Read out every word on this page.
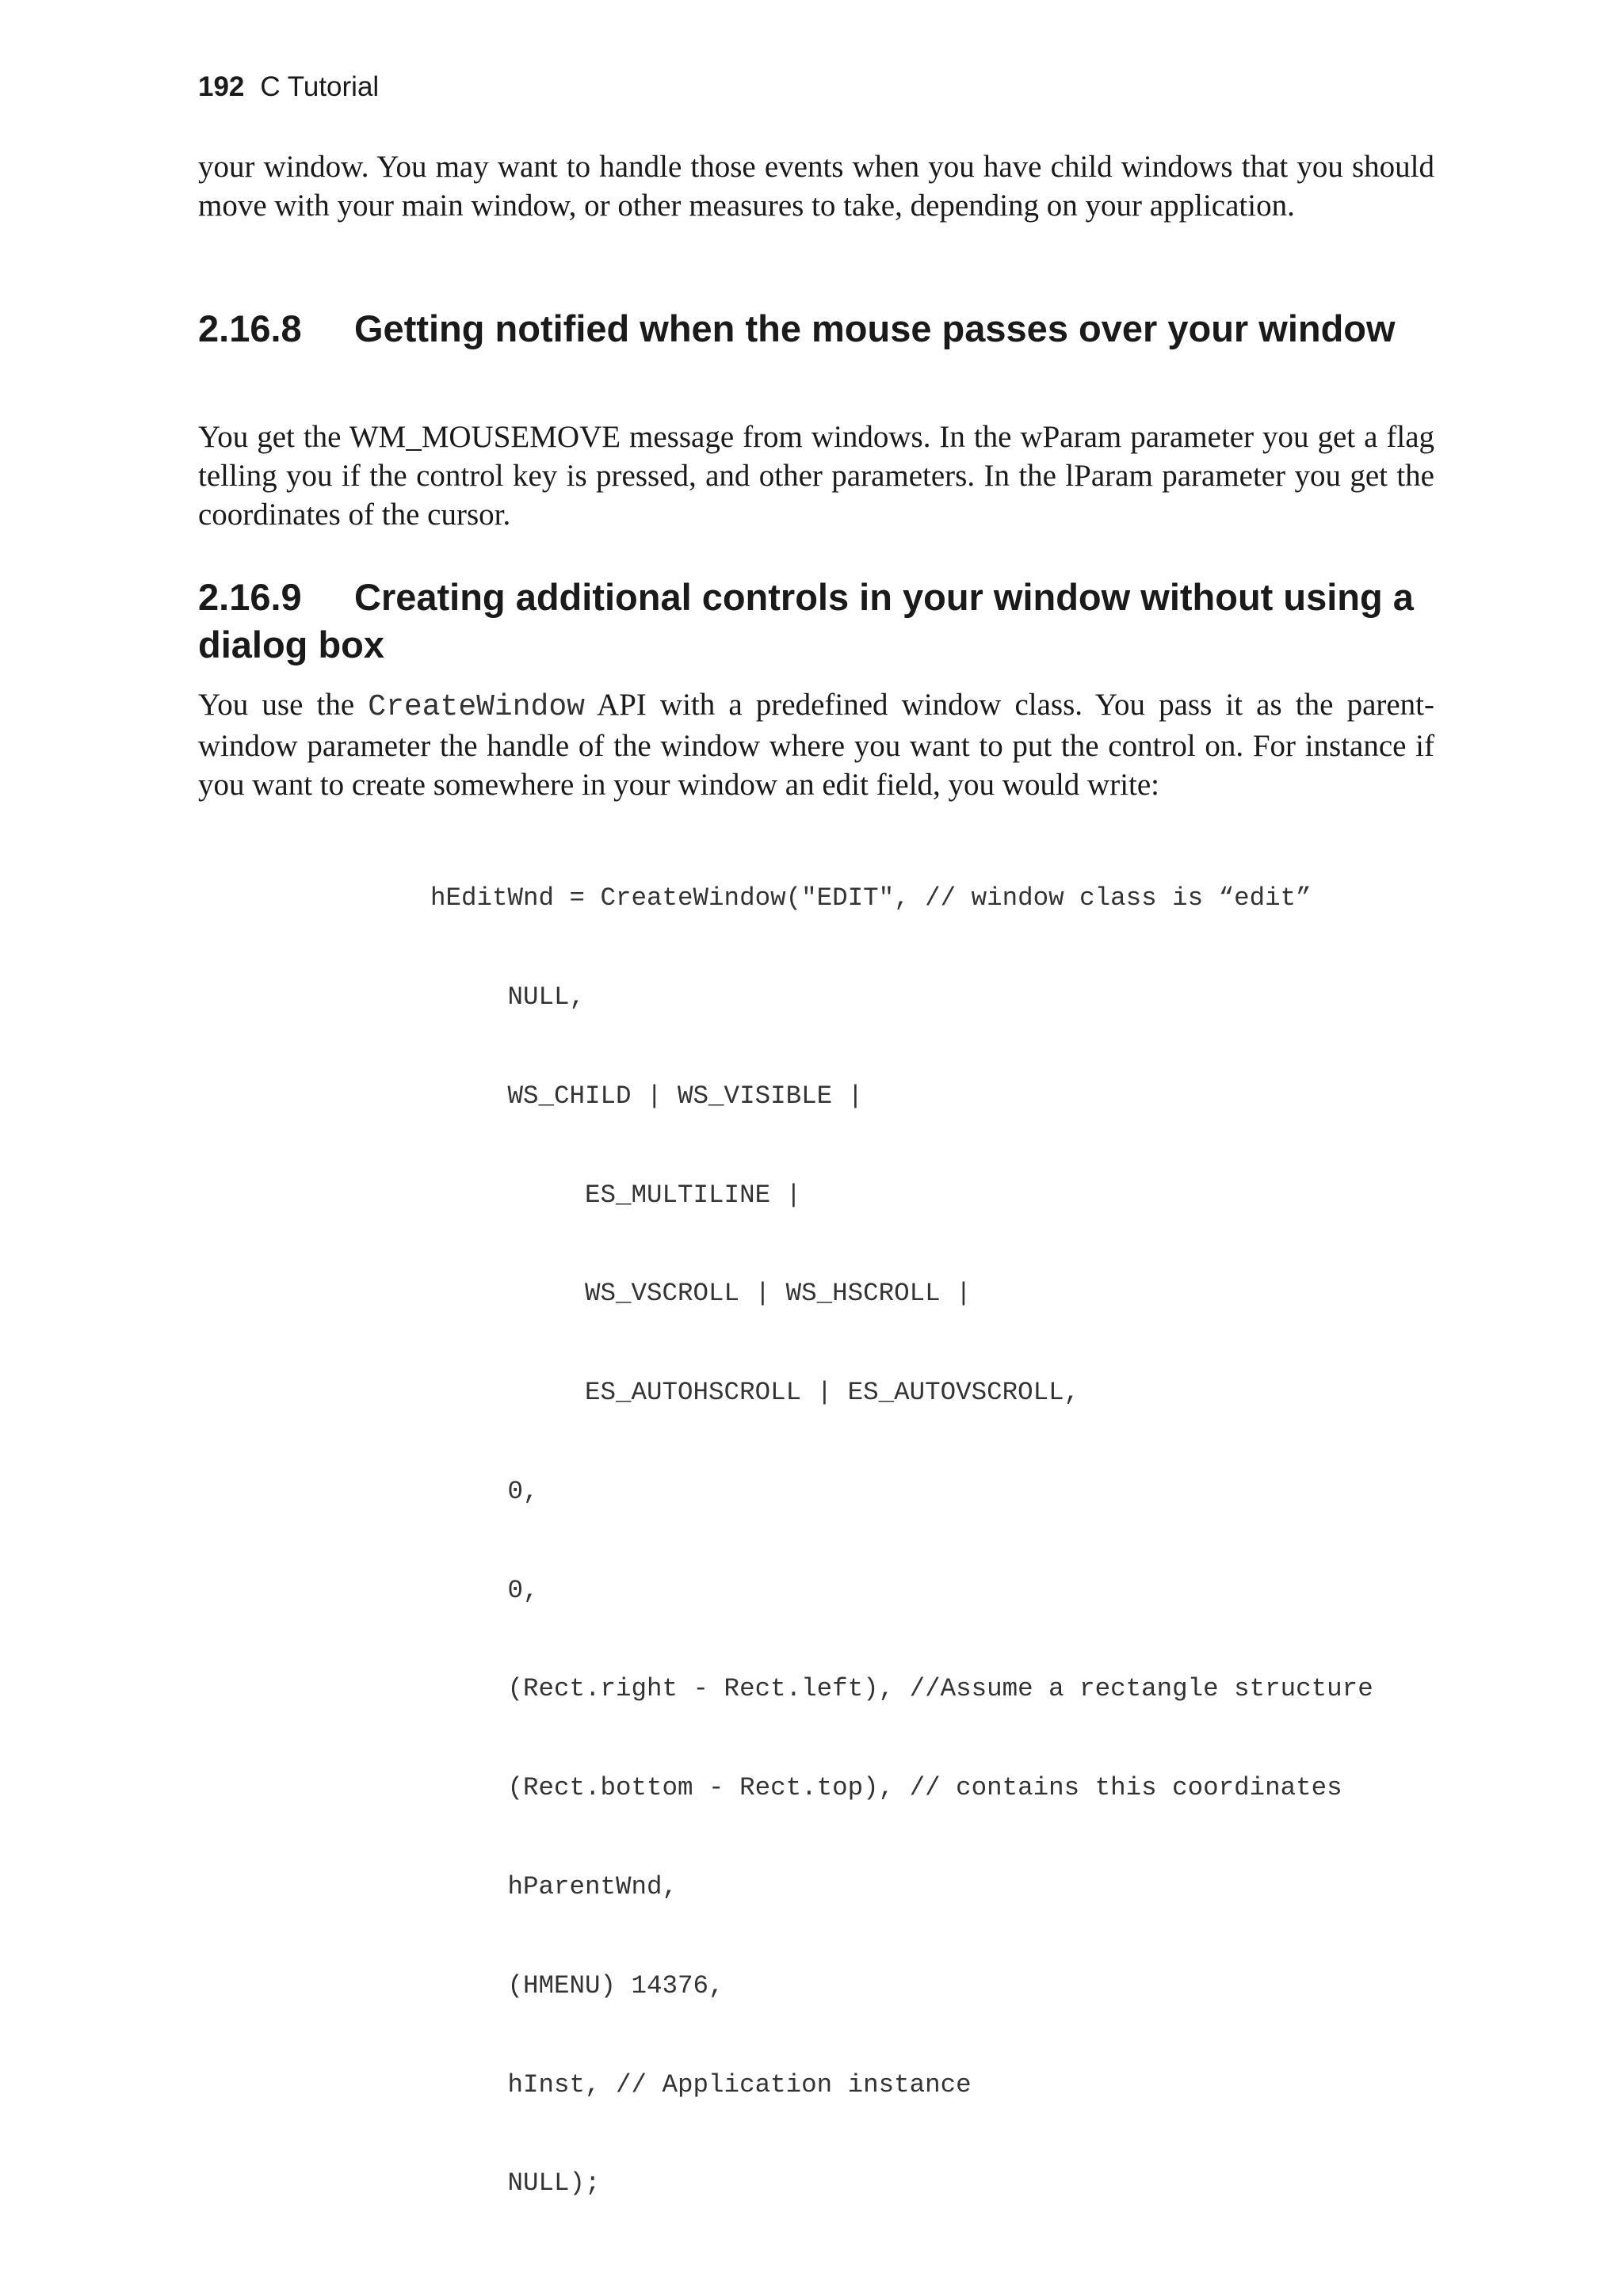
192 C Tutorial

your window. You may want to handle those events when you have child windows that you should move with your main window, or other measures to take, depending on your application.

2.16.8 Getting notified when the mouse passes over your window

You get the WM_MOUSEMOVE message from windows. In the wParam parameter you get a flag telling you if the control key is pressed, and other parameters. In the lParam parameter you get the coordinates of the cursor.

2.16.9 Creating additional controls in your window without using a dialog box

You use the CreateWindow API with a predefined window class. You pass it as the parent-window parameter the handle of the window where you want to put the control on. For instance if you want to create somewhere in your window an edit field, you would write:

hEditWnd = CreateWindow("EDIT", // window class is “edit”

NULL,

WS_CHILD | WS_VISIBLE |

ES_MULTILINE |

WS_VSCROLL | WS_HSCROLL |

ES_AUTOHSCROLL | ES_AUTOVSCROLL,

0,

0,

(Rect.right - Rect.left), //Assume a rectangle structure

(Rect.bottom - Rect.top), // contains this coordinates

hParentWnd,

(HMENU) 14376,

hInst, // Application instance

NULL);
